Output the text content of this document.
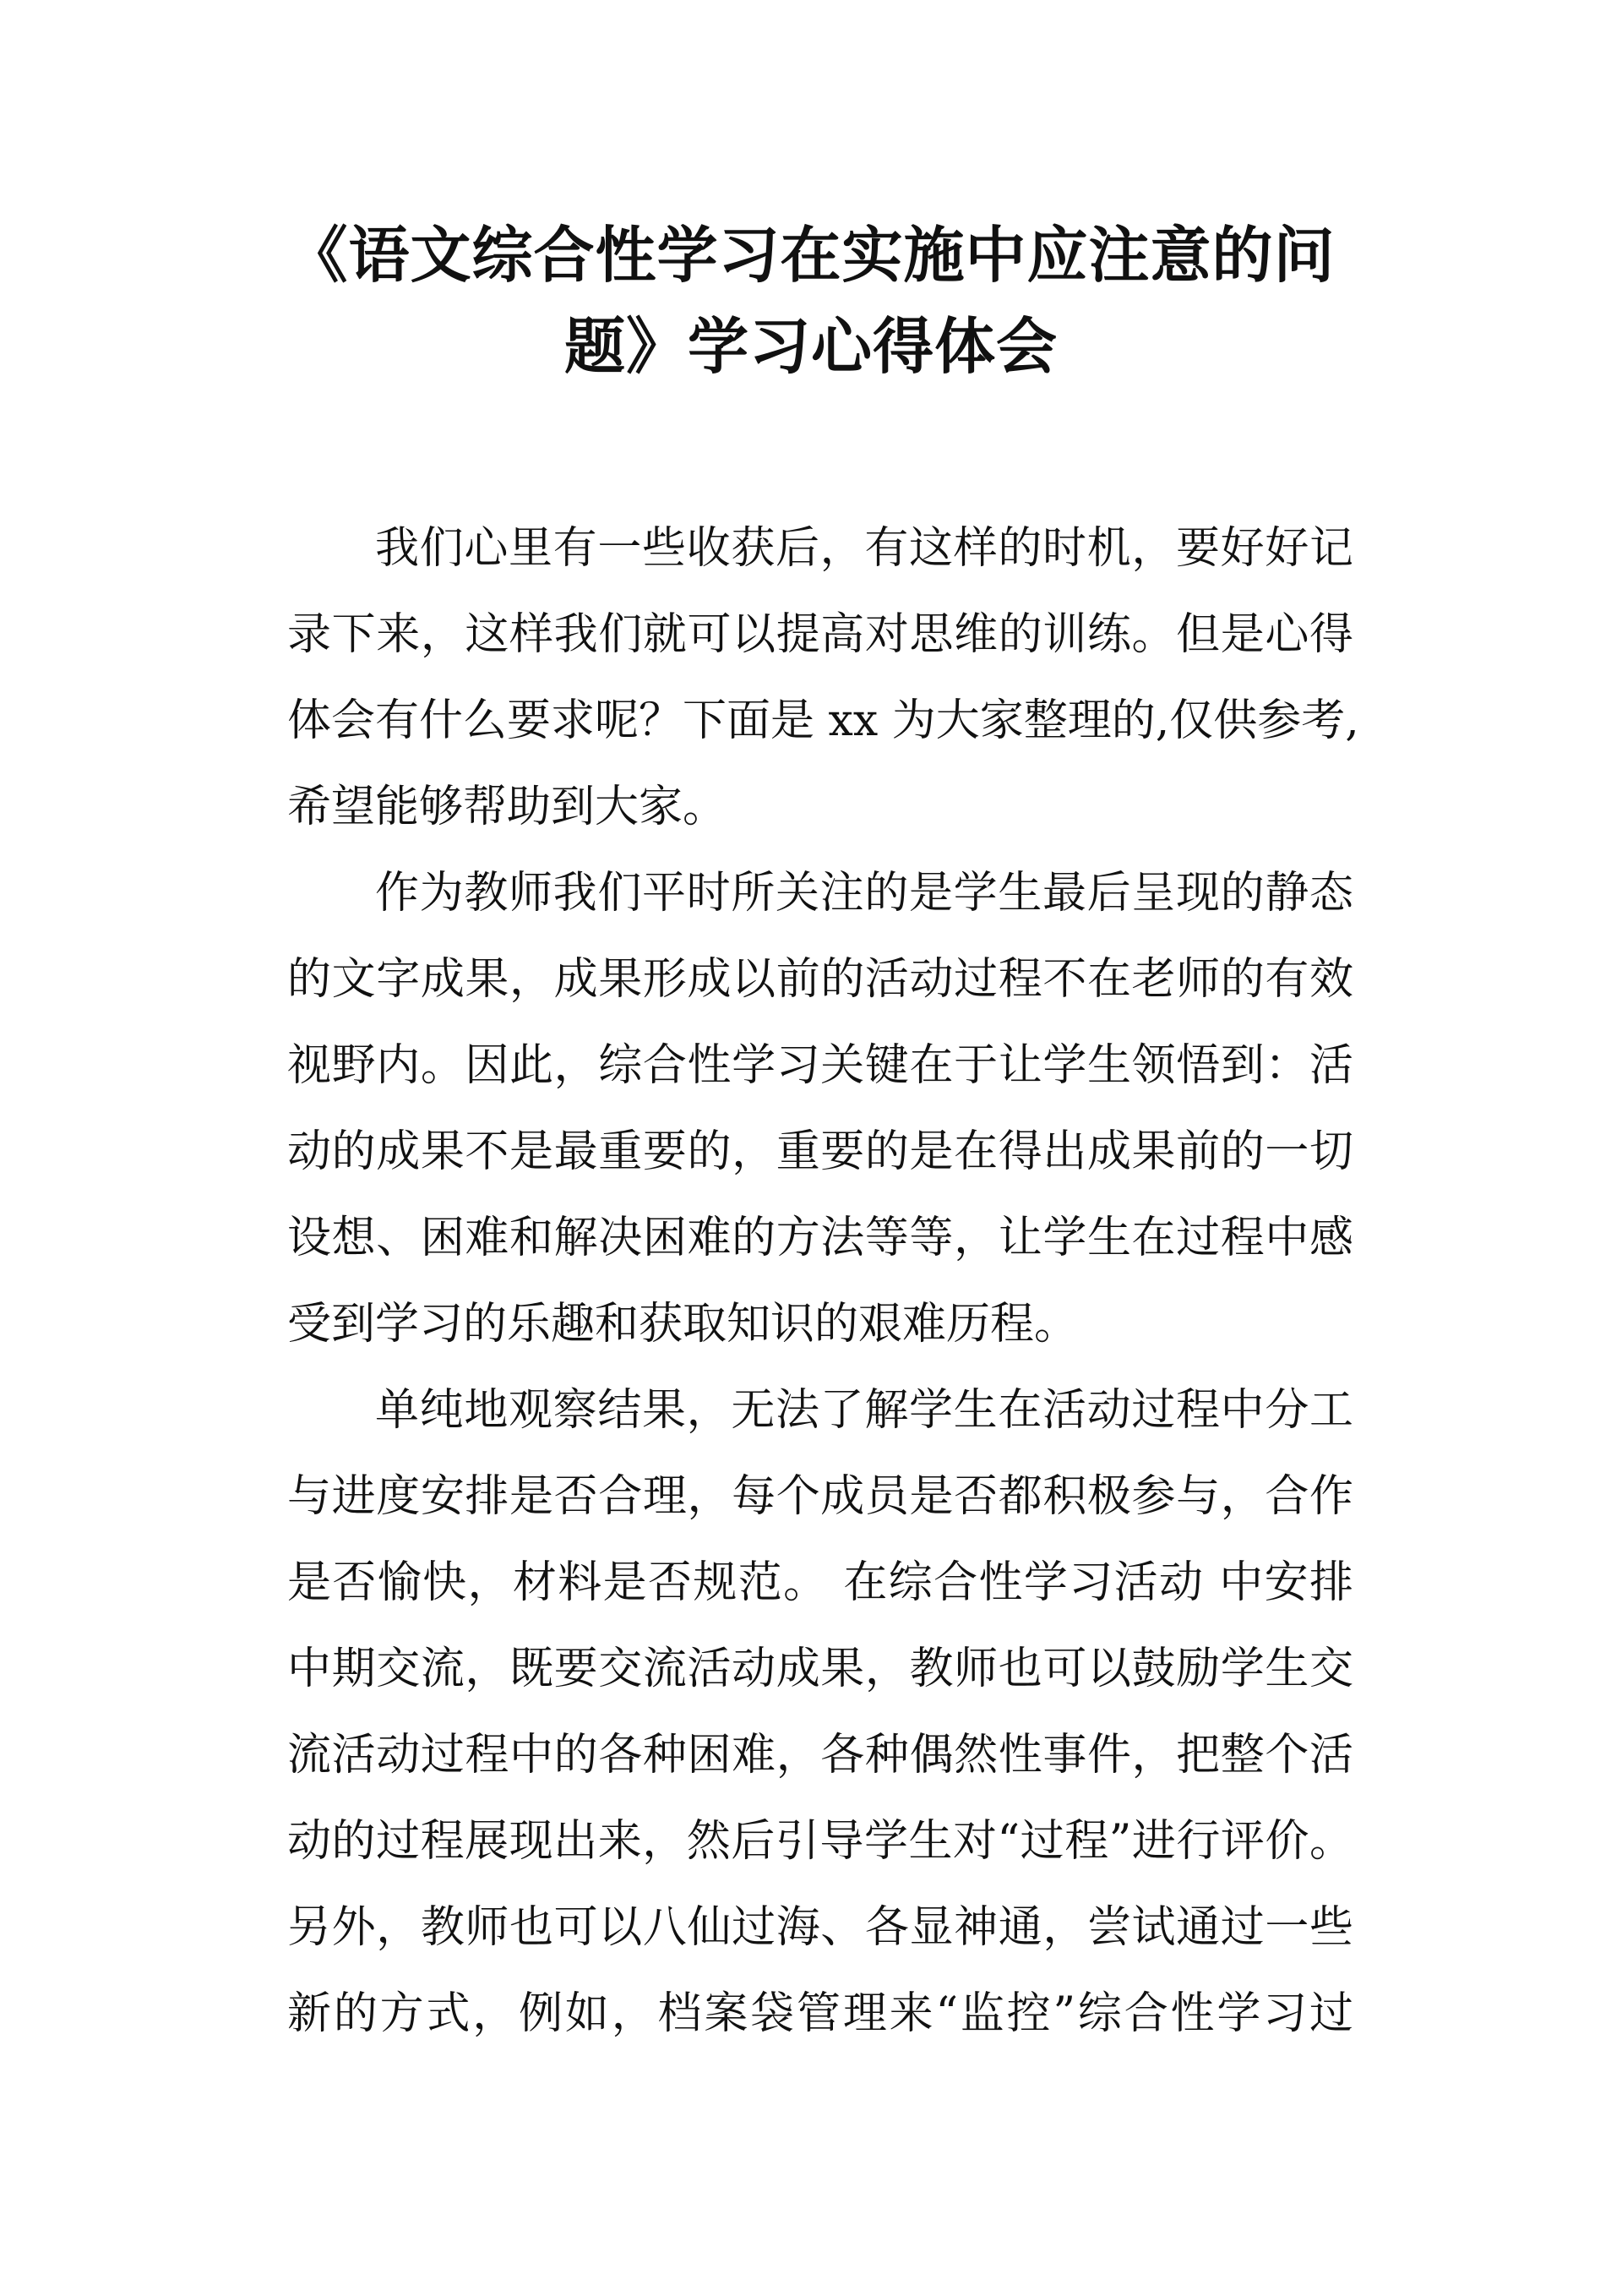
《语文综合性学习在实施中应注意的问
题》学习心得体会
我们心里有一些收获后，有这样的时机，要好好记
录下来，这样我们就可以提高对思维的训练。但是心得
体会有什么要求呢？下面是 xx 为大家整理的,仅供参考,
希望能够帮助到大家。
作为教师我们平时所关注的是学生最后呈现的静态
的文字成果，成果形成以前的活动过程不在老师的有效
视野内。因此，综合性学习关键在于让学生领悟到：活
动的成果不是最重要的，重要的是在得出成果前的一切
设想、困难和解决困难的方法等等，让学生在过程中感
受到学习的乐趣和获取知识的艰难历程。
单纯地观察结果，无法了解学生在活动过程中分工
与进度安排是否合理，每个成员是否都积极参与，合作
是否愉快，材料是否规范。 在综合性学习活动 中安排
中期交流，既要交流活动成果，教师也可以鼓励学生交
流活动过程中的各种困难，各种偶然性事件，把整个活
动的过程展现出来，然后引导学生对“过程”进行评价。
另外，教师也可以八仙过海、各显神通，尝试通过一些
新的方式，例如，档案袋管理来“监控”综合性学习过
